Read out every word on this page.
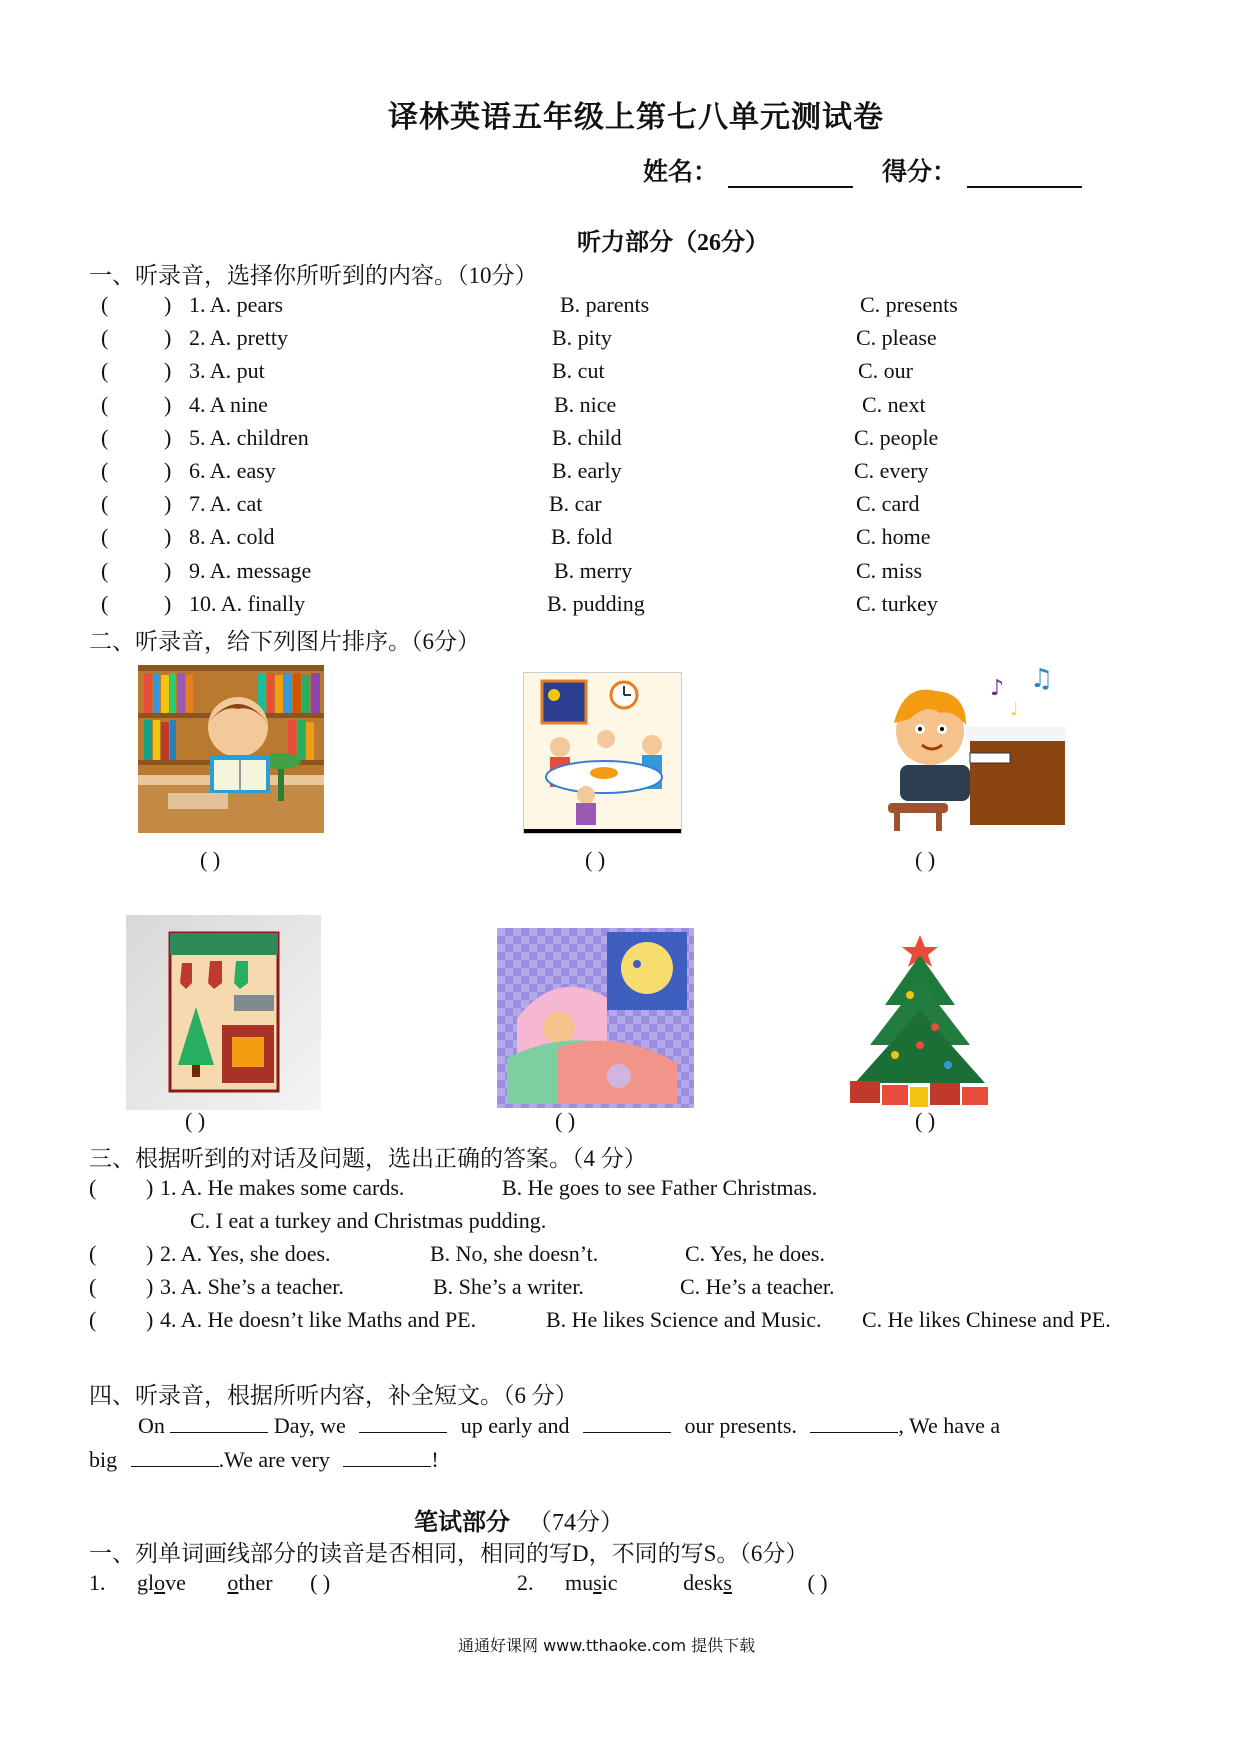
译林英语五年级上第七八单元测试卷
姓名：	得分：
听力部分（26分）
一、听录音，选择你所听到的内容。（10分）
(	) 1. A. pears	B. parents	C. presents
(	) 2. A. pretty	B. pity	C. please
(	) 3. A. put	B. cut	C. our
(	) 4. A nine	B. nice	C. next
(	) 5. A. children	B. child	C. people
(	) 6. A. easy	B. early	C. every
(	) 7. A. cat	B. car	C. card
(	) 8. A. cold	B. fold	C. home
(	) 9. A. message	B. merry	C. miss
(	) 10. A. finally	B. pudding	C. turkey
二、听录音，给下列图片排序。（6分）
( )	( )
♪ ♫
♩
( )
( )	( )	( )
三、根据听到的对话及问题，选出正确的答案。（4 分）
( ) 1. A. He makes some cards.	B. He goes to see Father Christmas.
C. I eat a turkey and Christmas pudding.
( ) 2. A. Yes, she does.	B. No, she doesn’t.	C. Yes, he does.
( ) 3. A. She’s a teacher.	B. She’s a writer.	C. He’s a teacher.
( ) 4. A. He doesn’t like Maths and PE.	B. He likes Science and Music. C. He likes Chinese and PE.
四、听录音，根据所听内容，补全短文。（6 分）
On	Day, we	up early and	our presents.	, We have a
big	.We are very	!
笔试部分 （74分）
一、列单词画线部分的读音是否相同，相同的写D，不同的写S。（6分）
1. glove other ( )	2. music	desks	( )
通通好课网 www.tthaoke.com 提供下载
